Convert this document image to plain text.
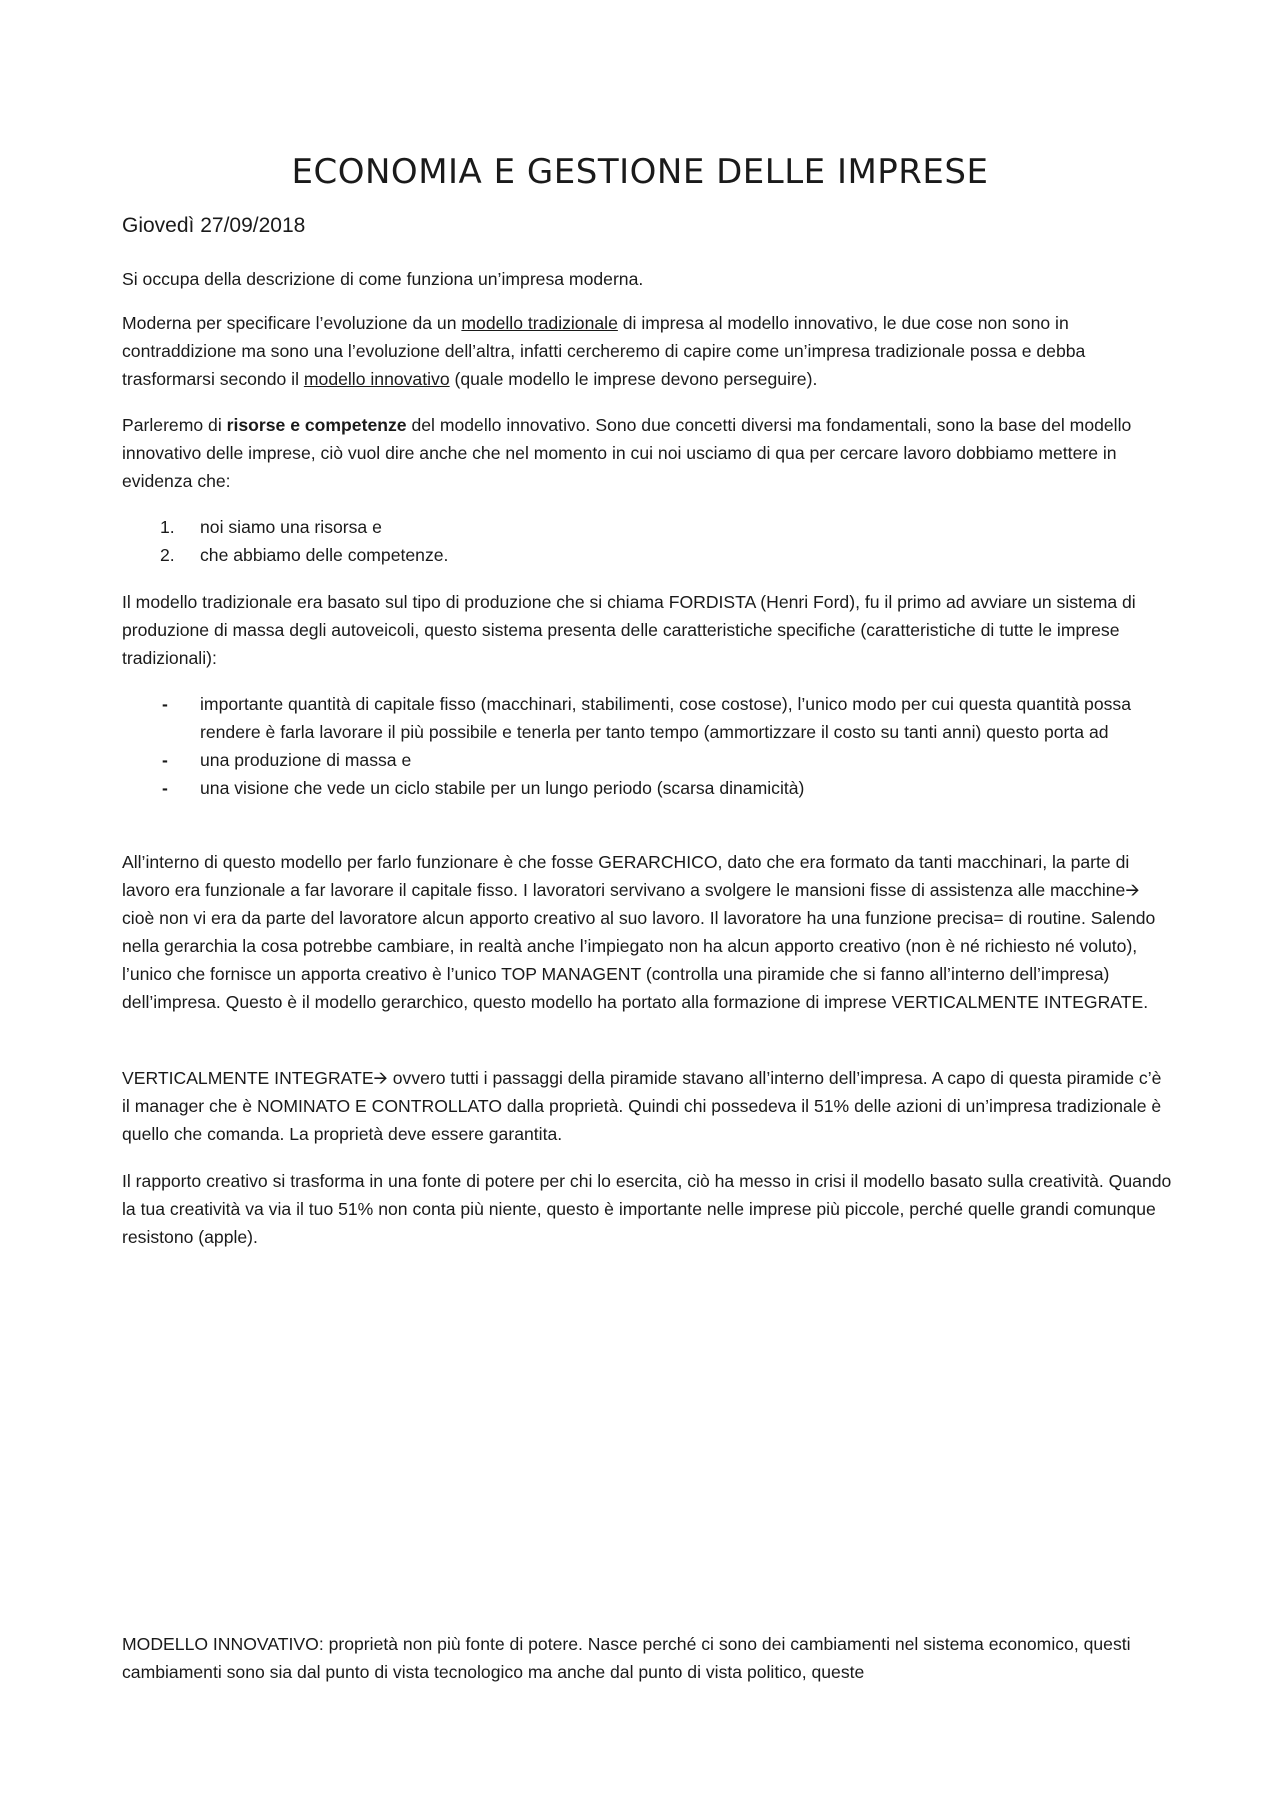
ECONOMIA E GESTIONE DELLE IMPRESE

Giovedì 27/09/2018

Si occupa della descrizione di come funziona un’impresa moderna.

Moderna per specificare l’evoluzione da un modello tradizionale di impresa al modello innovativo, le due cose non sono in contraddizione ma sono una l’evoluzione dell’altra, infatti cercheremo di capire come un’impresa tradizionale possa e debba trasformarsi secondo il modello innovativo (quale modello le imprese devono perseguire).

Parleremo di risorse e competenze del modello innovativo. Sono due concetti diversi ma fondamentali, sono la base del modello innovativo delle imprese, ciò vuol dire anche che nel momento in cui noi usciamo di qua per cercare lavoro dobbiamo mettere in evidenza che:

1. noi siamo una risorsa e
2. che abbiamo delle competenze.

Il modello tradizionale era basato sul tipo di produzione che si chiama FORDISTA (Henri Ford), fu il primo ad avviare un sistema di produzione di massa degli autoveicoli, questo sistema presenta delle caratteristiche specifiche (caratteristiche di tutte le imprese tradizionali):

- importante quantità di capitale fisso (macchinari, stabilimenti, cose costose), l’unico modo per cui questa quantità possa rendere è farla lavorare il più possibile e tenerla per tanto tempo (ammortizzare il costo su tanti anni) questo porta ad
- una produzione di massa e
- una visione che vede un ciclo stabile per un lungo periodo (scarsa dinamicità)

All’interno di questo modello per farlo funzionare è che fosse GERARCHICO, dato che era formato da tanti macchinari, la parte di lavoro era funzionale a far lavorare il capitale fisso. I lavoratori servivano a svolgere le mansioni fisse di assistenza alle macchine🡪 cioè non vi era da parte del lavoratore alcun apporto creativo al suo lavoro. Il lavoratore ha una funzione precisa= di routine. Salendo nella gerarchia la cosa potrebbe cambiare, in realtà anche l’impiegato non ha alcun apporto creativo (non è né richiesto né voluto), l’unico che fornisce un apporta creativo è l’unico TOP MANAGENT (controlla una piramide che si fanno all’interno dell’impresa) dell’impresa. Questo è il modello gerarchico, questo modello ha portato alla formazione di imprese VERTICALMENTE INTEGRATE.

VERTICALMENTE INTEGRATE🡪 ovvero tutti i passaggi della piramide stavano all’interno dell’impresa. A capo di questa piramide c’è il manager che è NOMINATO E CONTROLLATO dalla proprietà. Quindi chi possedeva il 51% delle azioni di un’impresa tradizionale è quello che comanda. La proprietà deve essere garantita.

Il rapporto creativo si trasforma in una fonte di potere per chi lo esercita, ciò ha messo in crisi il modello basato sulla creatività. Quando la tua creatività va via il tuo 51% non conta più niente, questo è importante nelle imprese più piccole, perché quelle grandi comunque resistono (apple).

MODELLO INNOVATIVO: proprietà non più fonte di potere. Nasce perché ci sono dei cambiamenti nel sistema economico, questi cambiamenti sono sia dal punto di vista tecnologico ma anche dal punto di vista politico, queste
